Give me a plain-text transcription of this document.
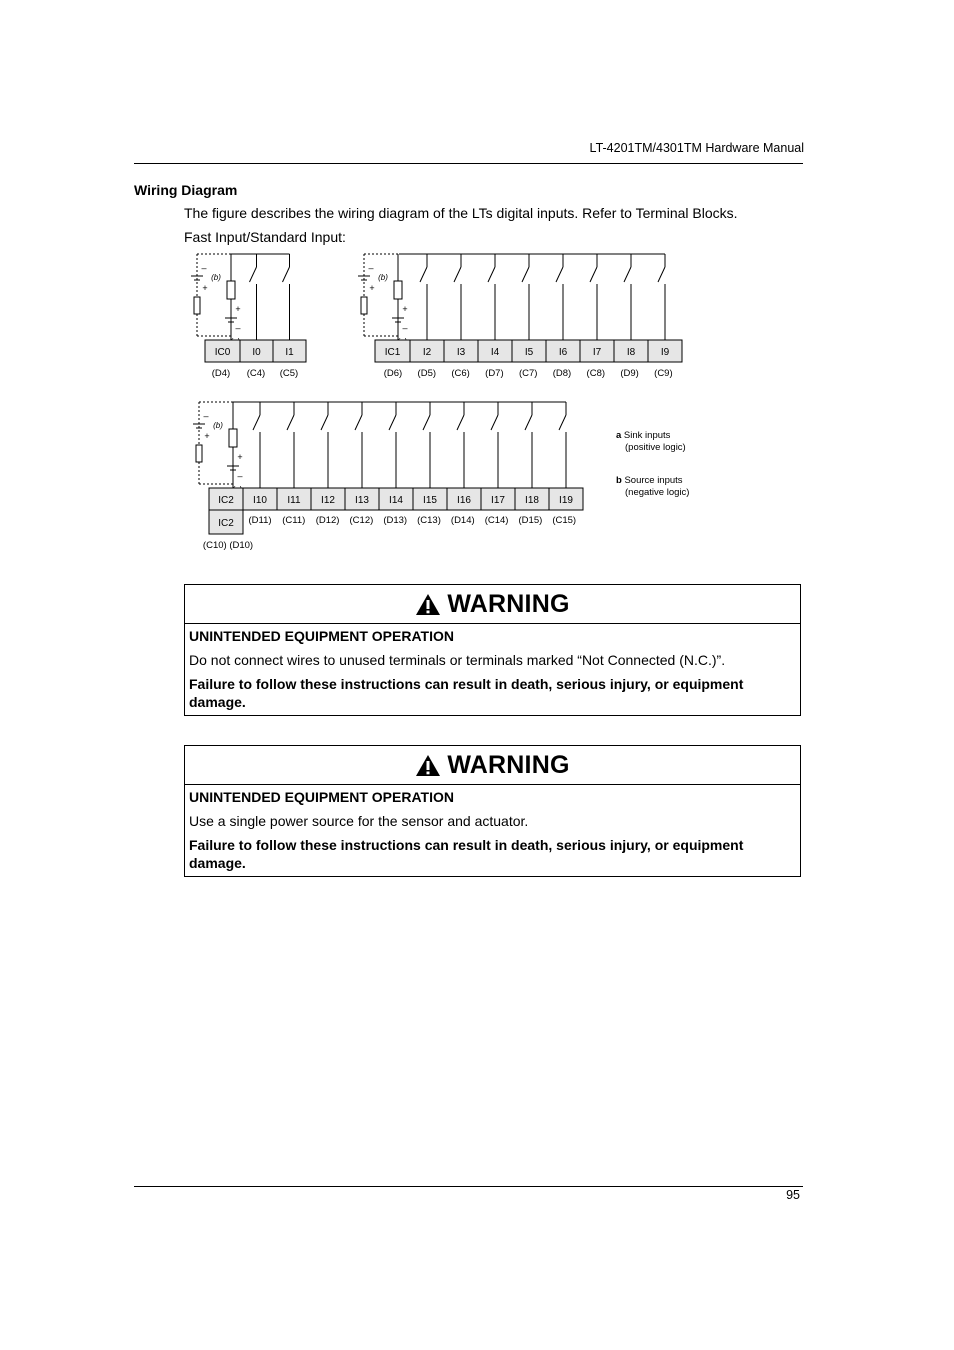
LT-4201TM/4301TM Hardware Manual
Wiring Diagram
The figure describes the wiring diagram of the LTs digital inputs. Refer to Terminal Blocks.
Fast Input/Standard Input:
–
+
(b)
+
–
IC0 I0 I1
(D4) (C4) (C5)
–
+
(b)
+
–
IC1 I2	I3	I4	I5	I6	I7	I8	I9
(D6) (D5) (C6) (D7) (C7) (D8) (C8) (D9) (C9)
–
+
(b)
+
–
IC2 I10 I11 I12 I13 I14 I15 I16 I17 I18 I19
IC2 (D11) (C11) (D12) (C12) (D13) (C13) (D14) (C14) (D15) (C15)
(C10) (D10)
a Sink inputs
(positive logic)
b Source inputs
(negative logic)
WARNING
UNINTENDED EQUIPMENT OPERATION
Do not connect wires to unused terminals or terminals marked “Not Connected (N.C.)”.
Failure to follow these instructions can result in death, serious injury, or equipment damage.
WARNING
UNINTENDED EQUIPMENT OPERATION
Use a single power source for the sensor and actuator.
Failure to follow these instructions can result in death, serious injury, or equipment damage.
95
